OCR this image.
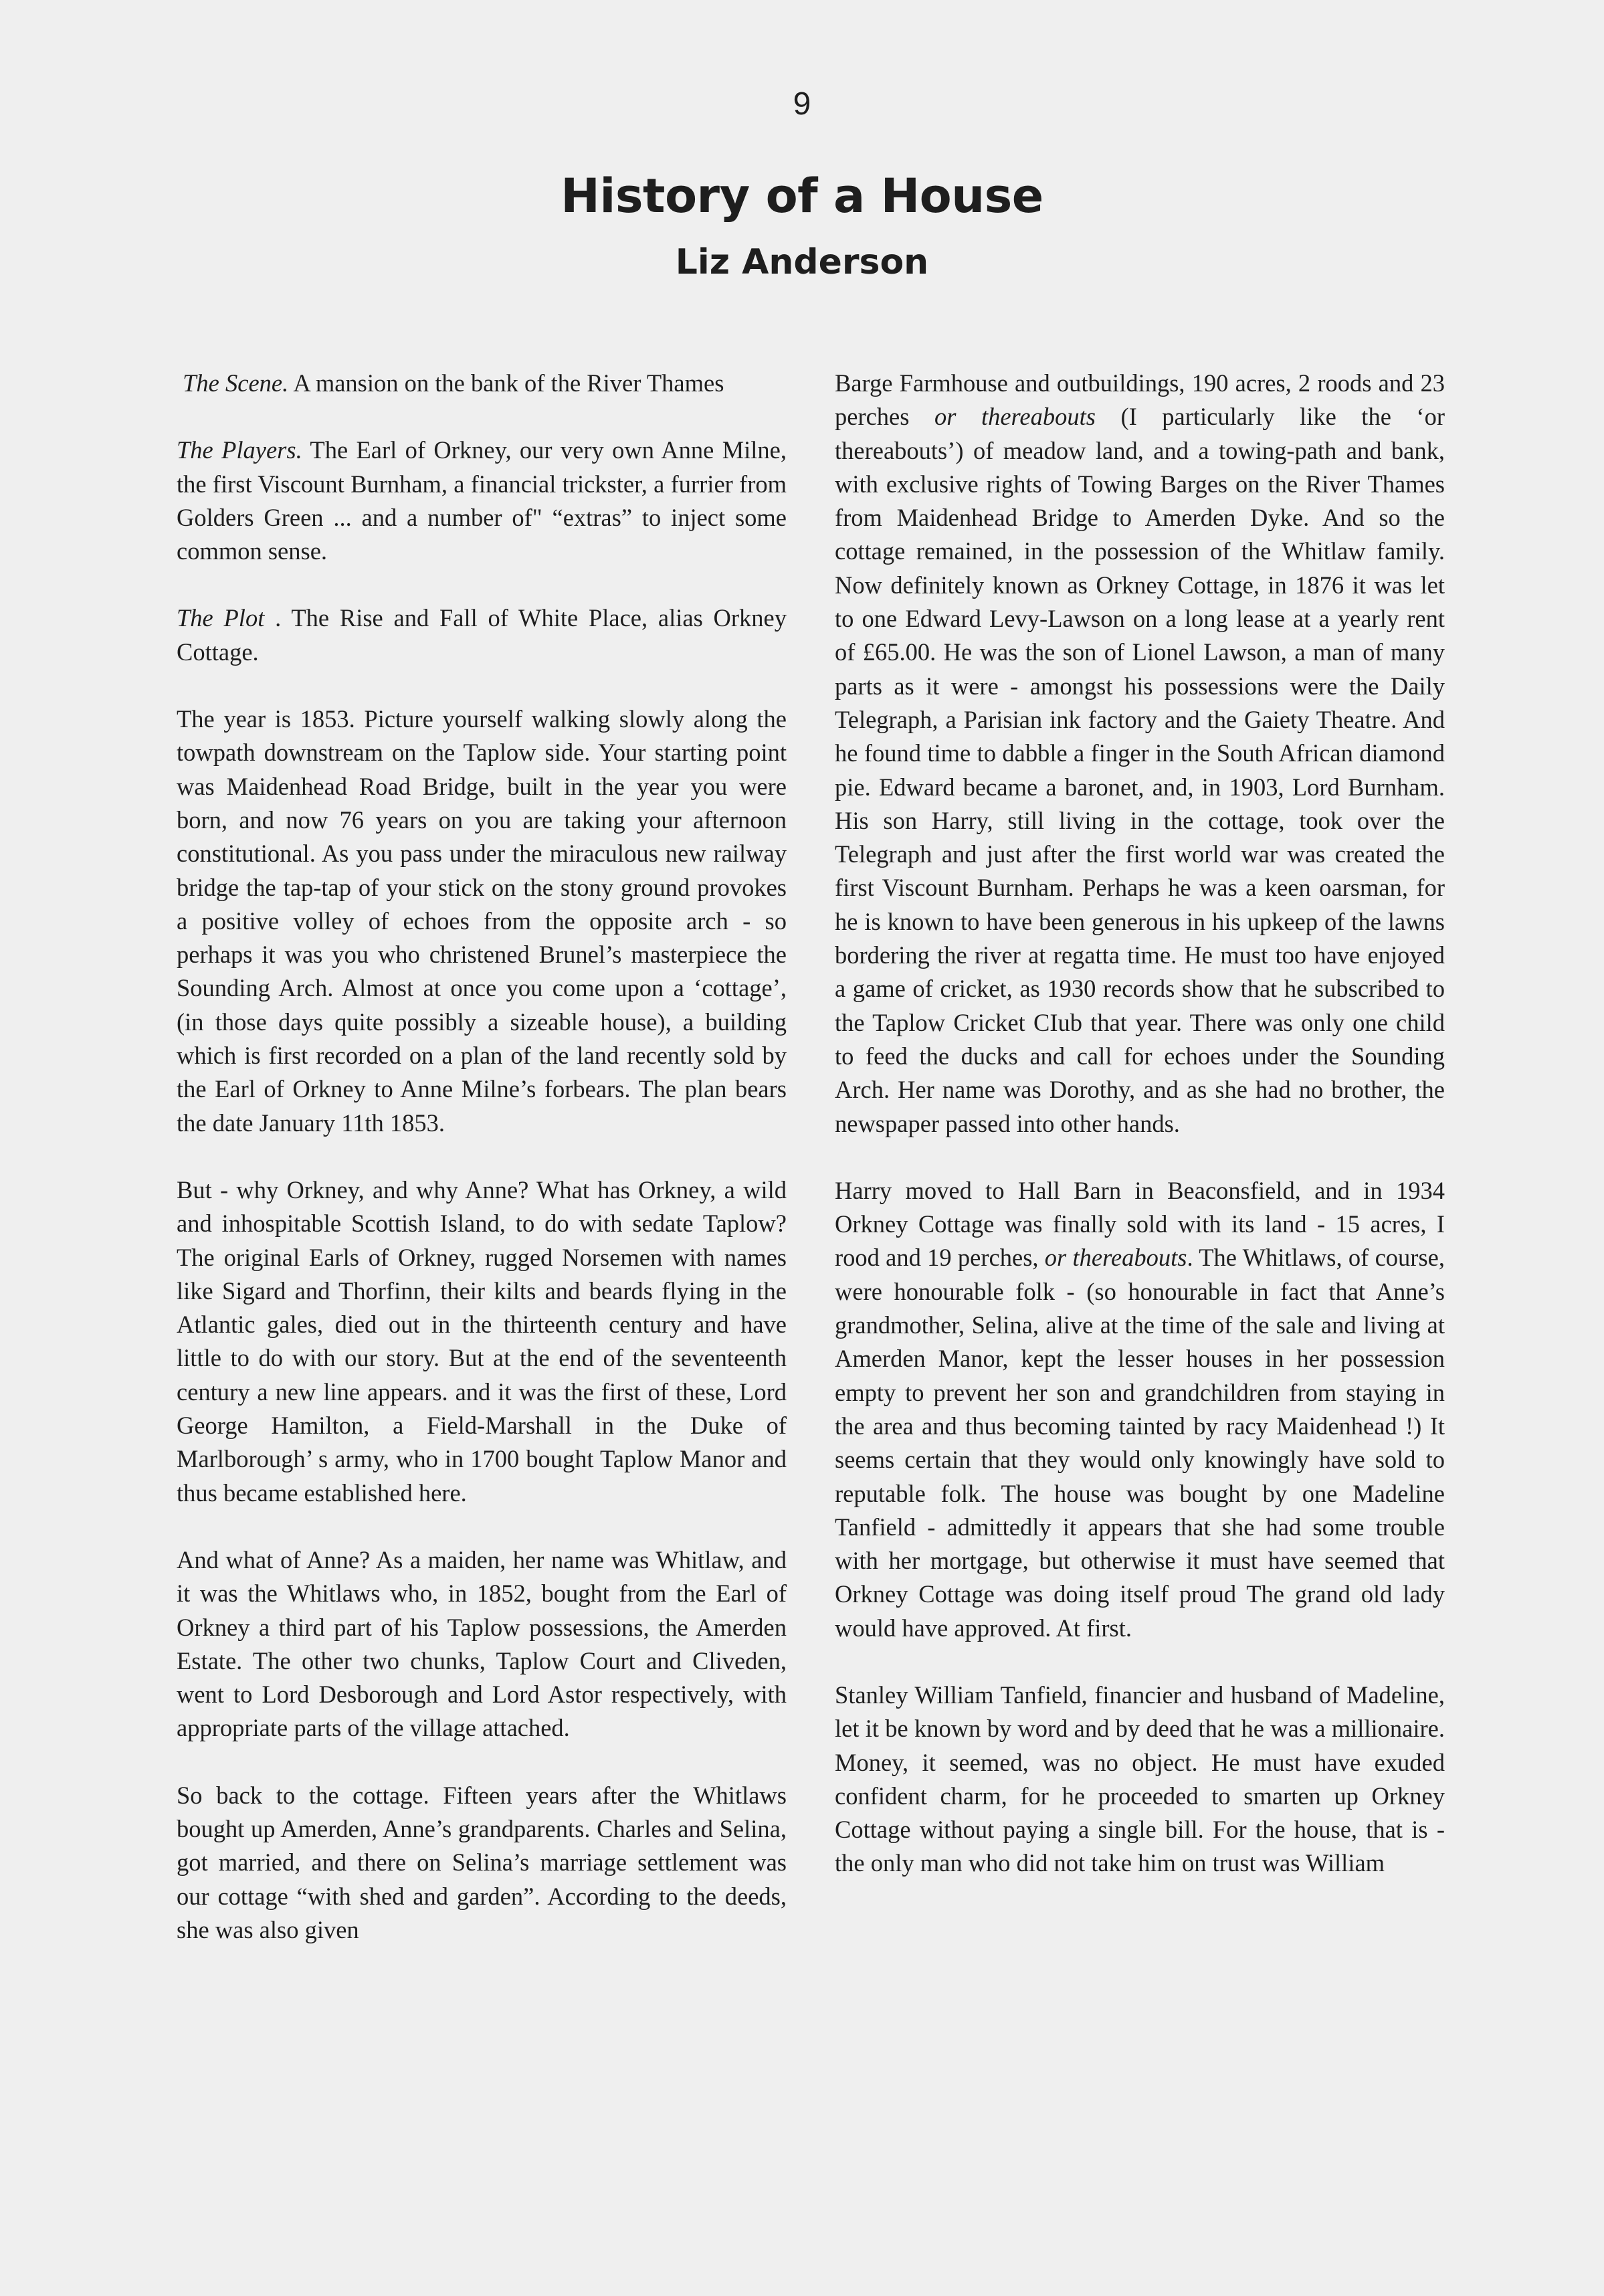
9

History of a House
Liz Anderson

The Scene. A mansion on the bank of the River Thames

The Players. The Earl of Orkney, our very own Anne Milne, the first Viscount Burnham, a financial trickster, a furrier from Golders Green ... and a number of" “extras” to inject some common sense.

The Plot . The Rise and Fall of White Place, alias Orkney Cottage.

The year is 1853. Picture yourself walking slowly along the towpath downstream on the Taplow side. Your starting point was Maidenhead Road Bridge, built in the year you were born, and now 76 years on you are taking your afternoon constitutional. As you pass under the miraculous new railway bridge the tap-tap of your stick on the stony ground provokes a positive volley of echoes from the opposite arch - so perhaps it was you who christened Brunel’s masterpiece the Sounding Arch. Almost at once you come upon a ‘cottage’, (in those days quite possibly a sizeable house), a building which is first recorded on a plan of the land recently sold by the Earl of Orkney to Anne Milne’s forbears. The plan bears the date January 11th 1853.

But - why Orkney, and why Anne? What has Orkney, a wild and inhospitable Scottish Island, to do with sedate Taplow? The original Earls of Orkney, rugged Norsemen with names like Sigard and Thorfinn, their kilts and beards flying in the Atlantic gales, died out in the thirteenth century and have little to do with our story. But at the end of the seventeenth century a new line appears. and it was the first of these, Lord George Hamilton, a Field-Marshall in the Duke of Marlborough’ s army, who in 1700 bought Taplow Manor and thus became established here.

And what of Anne? As a maiden, her name was Whitlaw, and it was the Whitlaws who, in 1852, bought from the Earl of Orkney a third part of his Taplow possessions, the Amerden Estate. The other two chunks, Taplow Court and Cliveden, went to Lord Desborough and Lord Astor respectively, with appropriate parts of the village attached.

So back to the cottage. Fifteen years after the Whitlaws bought up Amerden, Anne’s grandparents. Charles and Selina, got married, and there on Selina’s marriage settlement was our cottage “with shed and garden”. According to the deeds, she was also given

Barge Farmhouse and outbuildings, 190 acres, 2 roods and 23 perches or thereabouts (I particularly like the ‘or thereabouts’) of meadow land, and a towing-path and bank, with exclusive rights of Towing Barges on the River Thames from Maidenhead Bridge to Amerden Dyke. And so the cottage remained, in the possession of the Whitlaw family. Now definitely known as Orkney Cottage, in 1876 it was let to one Edward Levy-Lawson on a long lease at a yearly rent of £65.00. He was the son of Lionel Lawson, a man of many parts as it were - amongst his possessions were the Daily Telegraph, a Parisian ink factory and the Gaiety Theatre. And he found time to dabble a finger in the South African diamond pie. Edward became a baronet, and, in 1903, Lord Burnham. His son Harry, still living in the cottage, took over the Telegraph and just after the first world war was created the first Viscount Burnham. Perhaps he was a keen oarsman, for he is known to have been generous in his upkeep of the lawns bordering the river at regatta time. He must too have enjoyed a game of cricket, as 1930 records show that he subscribed to the Taplow Cricket CIub that year. There was only one child to feed the ducks and call for echoes under the Sounding Arch. Her name was Dorothy, and as she had no brother, the newspaper passed into other hands.

Harry moved to Hall Barn in Beaconsfield, and in 1934 Orkney Cottage was finally sold with its land - 15 acres, I rood and 19 perches, or thereabouts. The Whitlaws, of course, were honourable folk - (so honourable in fact that Anne’s grandmother, Selina, alive at the time of the sale and living at Amerden Manor, kept the lesser houses in her possession empty to prevent her son and grandchildren from staying in the area and thus becoming tainted by racy Maidenhead !) It seems certain that they would only knowingly have sold to reputable folk. The house was bought by one Madeline Tanfield - admittedly it appears that she had some trouble with her mortgage, but otherwise it must have seemed that Orkney Cottage was doing itself proud The grand old lady would have approved. At first.

Stanley William Tanfield, financier and husband of Madeline, let it be known by word and by deed that he was a millionaire. Money, it seemed, was no object. He must have exuded confident charm, for he proceeded to smarten up Orkney Cottage without paying a single bill. For the house, that is - the only man who did not take him on trust was William
